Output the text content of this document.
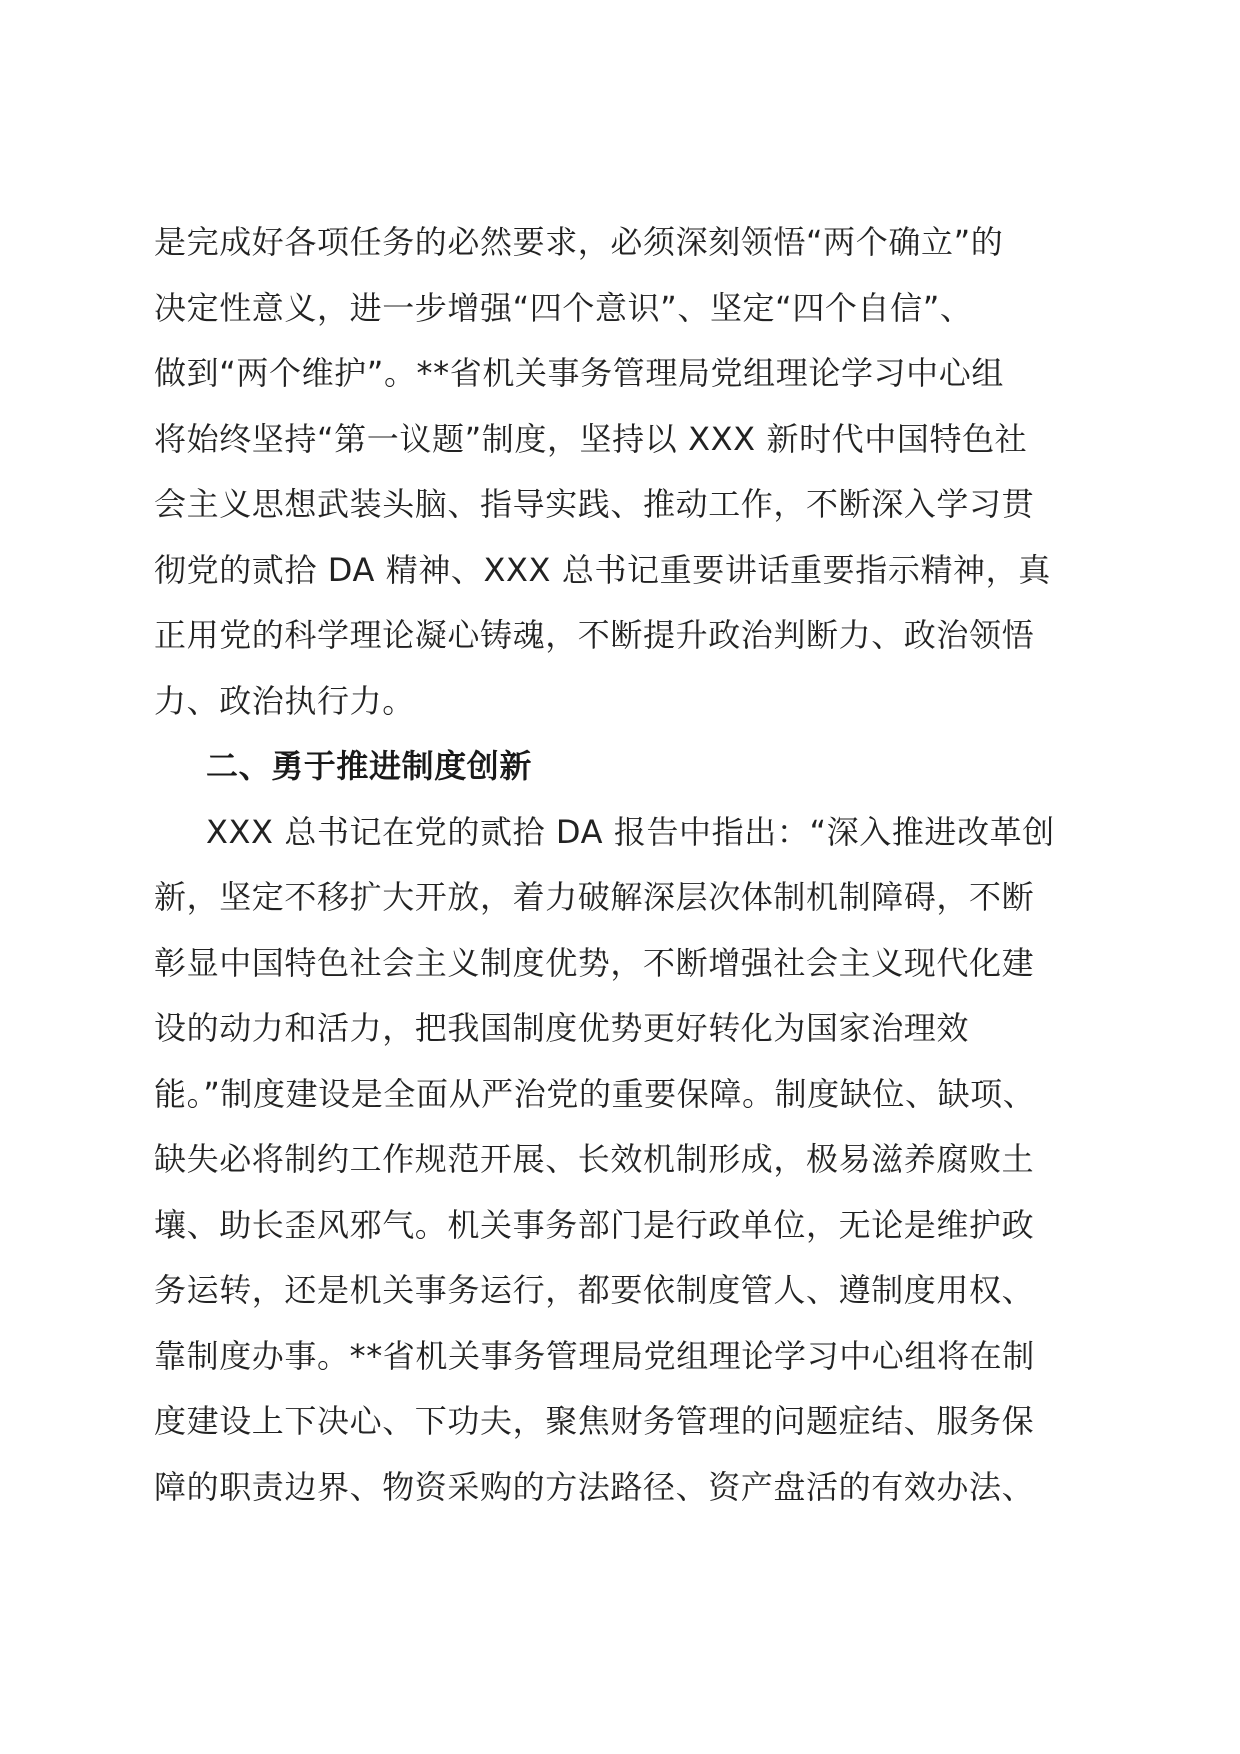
是完成好各项任务的必然要求，必须深刻领悟“两个确立”的
决定性意义，进一步增强“四个意识”、坚定“四个自信”、
做到“两个维护”。**省机关事务管理局党组理论学习中心组
将始终坚持“第一议题”制度，坚持以 XXX 新时代中国特色社
会主义思想武装头脑、指导实践、推动工作，不断深入学习贯
彻党的贰拾 DA 精神、XXX 总书记重要讲话重要指示精神，真
正用党的科学理论凝心铸魂，不断提升政治判断力、政治领悟
力、政治执行力。
二、勇于推进制度创新
XXX 总书记在党的贰拾 DA 报告中指出：“深入推进改革创
新，坚定不移扩大开放，着力破解深层次体制机制障碍，不断
彰显中国特色社会主义制度优势，不断增强社会主义现代化建
设的动力和活力，把我国制度优势更好转化为国家治理效
能。”制度建设是全面从严治党的重要保障。制度缺位、缺项、
缺失必将制约工作规范开展、长效机制形成，极易滋养腐败土
壤、助长歪风邪气。机关事务部门是行政单位，无论是维护政
务运转，还是机关事务运行，都要依制度管人、遵制度用权、
靠制度办事。**省机关事务管理局党组理论学习中心组将在制
度建设上下决心、下功夫，聚焦财务管理的问题症结、服务保
障的职责边界、物资采购的方法路径、资产盘活的有效办法、
